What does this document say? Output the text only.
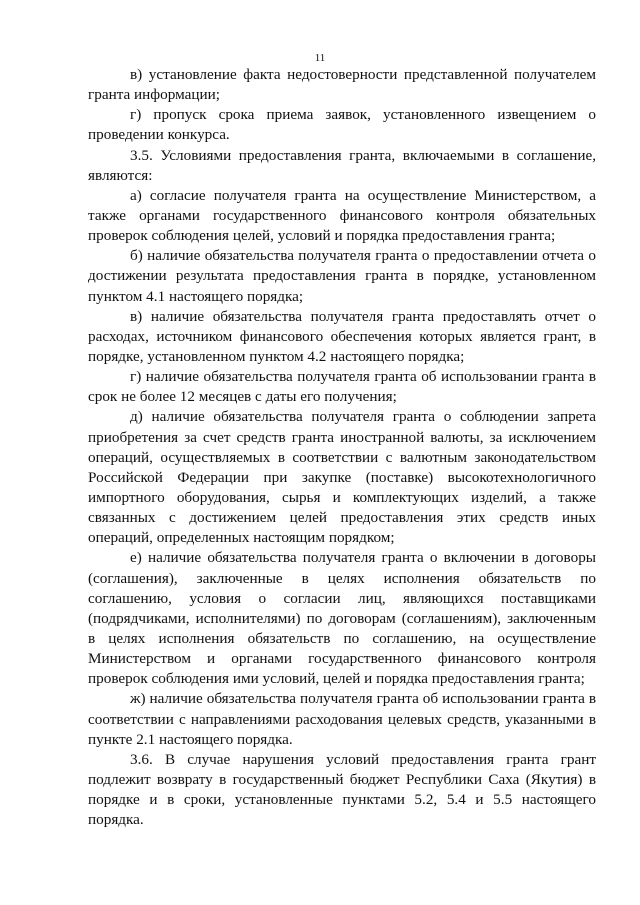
11
в) установление факта недостоверности представленной получателем
гранта информации;
г) пропуск срока приема заявок, установленного извещением о
проведении конкурса.
3.5. Условиями предоставления гранта, включаемыми в соглашение,
являются:
а) согласие получателя гранта на осуществление Министерством, а
также органами государственного финансового контроля обязательных
проверок соблюдения целей, условий и порядка предоставления гранта;
б) наличие обязательства получателя гранта о предоставлении отчета о
достижении результата предоставления гранта в порядке, установленном
пунктом 4.1 настоящего порядка;
в) наличие обязательства получателя гранта предоставлять отчет о
расходах, источником финансового обеспечения которых является грант, в
порядке, установленном пунктом 4.2 настоящего порядка;
г) наличие обязательства получателя гранта об использовании гранта в
срок не более 12 месяцев с даты его получения;
д) наличие обязательства получателя гранта о соблюдении запрета
приобретения за счет средств гранта иностранной валюты, за исключением
операций, осуществляемых в соответствии с валютным законодательством
Российской Федерации при закупке (поставке) высокотехнологичного
импортного оборудования, сырья и комплектующих изделий, а также
связанных с достижением целей предоставления этих средств иных
операций, определенных настоящим порядком;
е) наличие обязательства получателя гранта о включении в договоры
(соглашения), заключенные в целях исполнения обязательств по
соглашению, условия о согласии лиц, являющихся поставщиками
(подрядчиками, исполнителями) по договорам (соглашениям), заключенным
в целях исполнения обязательств по соглашению, на осуществление
Министерством и органами государственного финансового контроля
проверок соблюдения ими условий, целей и порядка предоставления гранта;
ж) наличие обязательства получателя гранта об использовании гранта в
соответствии с направлениями расходования целевых средств, указанными в
пункте 2.1 настоящего порядка.
3.6. В случае нарушения условий предоставления гранта грант
подлежит возврату в государственный бюджет Республики Саха (Якутия) в
порядке и в сроки, установленные пунктами 5.2, 5.4 и 5.5 настоящего
порядка.
